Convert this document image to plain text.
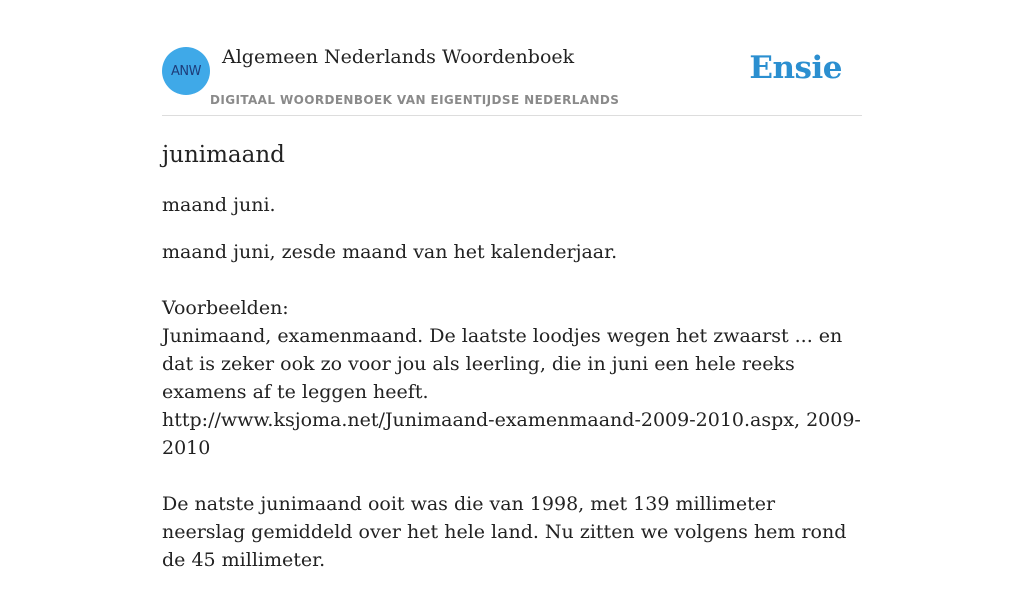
ANW
Algemeen Nederlands Woordenboek
DIGITAAL WOORDENBOEK VAN EIGENTIJDSE NEDERLANDS
Ensie
junimaand

maand juni.

maand juni, zesde maand van het kalenderjaar.

Voorbeelden:

Junimaand, examenmaand. De laatste loodjes wegen het zwaarst ... en dat is zeker ook zo voor jou als leerling, die in juni een hele reeks examens af te leggen heeft.

http://www.ksjoma.net/Junimaand-examenmaand-2009-2010.aspx, 2009-2010

De natste junimaand ooit was die van 1998, met 139 millimeter neerslag gemiddeld over het hele land. Nu zitten we volgens hem rond de 45 millimeter.
